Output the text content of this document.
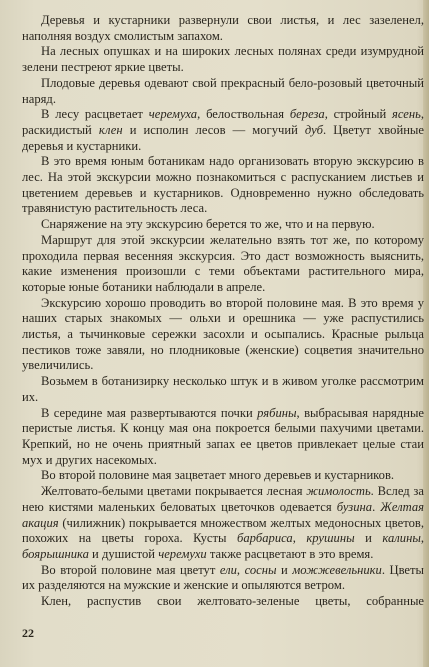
Деревья и кустарники развернули свои листья, и лес зазеленел, наполняя воздух смолистым запахом.

На лесных опушках и на широких лесных полянах среди изумрудной зелени пестреют яркие цветы.

Плодовые деревья одевают свой прекрасный бело-розовый цветочный наряд.

В лесу расцветает черемуха, белоствольная береза, стройный ясень, раскидистый клен и исполин лесов — могучий дуб. Цветут хвойные деревья и кустарники.

В это время юным ботаникам надо организовать вторую экскурсию в лес. На этой экскурсии можно познакомиться с распусканием листьев и цветением деревьев и кустарников. Одновременно нужно обследовать травянистую растительность леса.

Снаряжение на эту экскурсию берется то же, что и на первую.

Маршрут для этой экскурсии желательно взять тот же, по которому проходила первая весенняя экскурсия. Это даст возможность выяснить, какие изменения произошли с теми объектами растительного мира, которые юные ботаники наблюдали в апреле.

Экскурсию хорошо проводить во второй половине мая. В это время у наших старых знакомых — ольхи и орешника — уже распустились листья, а тычинковые сережки засохли и осыпались. Красные рыльца пестиков тоже завяли, но плодниковые (женские) соцветия значительно увеличились.

Возьмем в ботанизирку несколько штук и в живом уголке рассмотрим их.

В середине мая развертываются почки рябины, выбрасывая нарядные перистые листья. К концу мая она покроется белыми пахучими цветами. Крепкий, но не очень приятный запах ее цветов привлекает целые стаи мух и других насекомых.

Во второй половине мая зацветает много деревьев и кустарников.

Желтовато-белыми цветами покрывается лесная жимолость. Вслед за нею кистями маленьких беловатых цветочков одевается бузина. Желтая акация (чилижник) покрывается множеством желтых медоносных цветов, похожих на цветы гороха. Кусты барбариса, крушины и калины, боярышника и душистой черемухи также расцветают в это время.

Во второй половине мая цветут ели, сосны и можжевельники. Цветы их разделяются на мужские и женские и опыляются ветром.

Клен, распустив свои желтовато-зеленые цветы, собранные

22
